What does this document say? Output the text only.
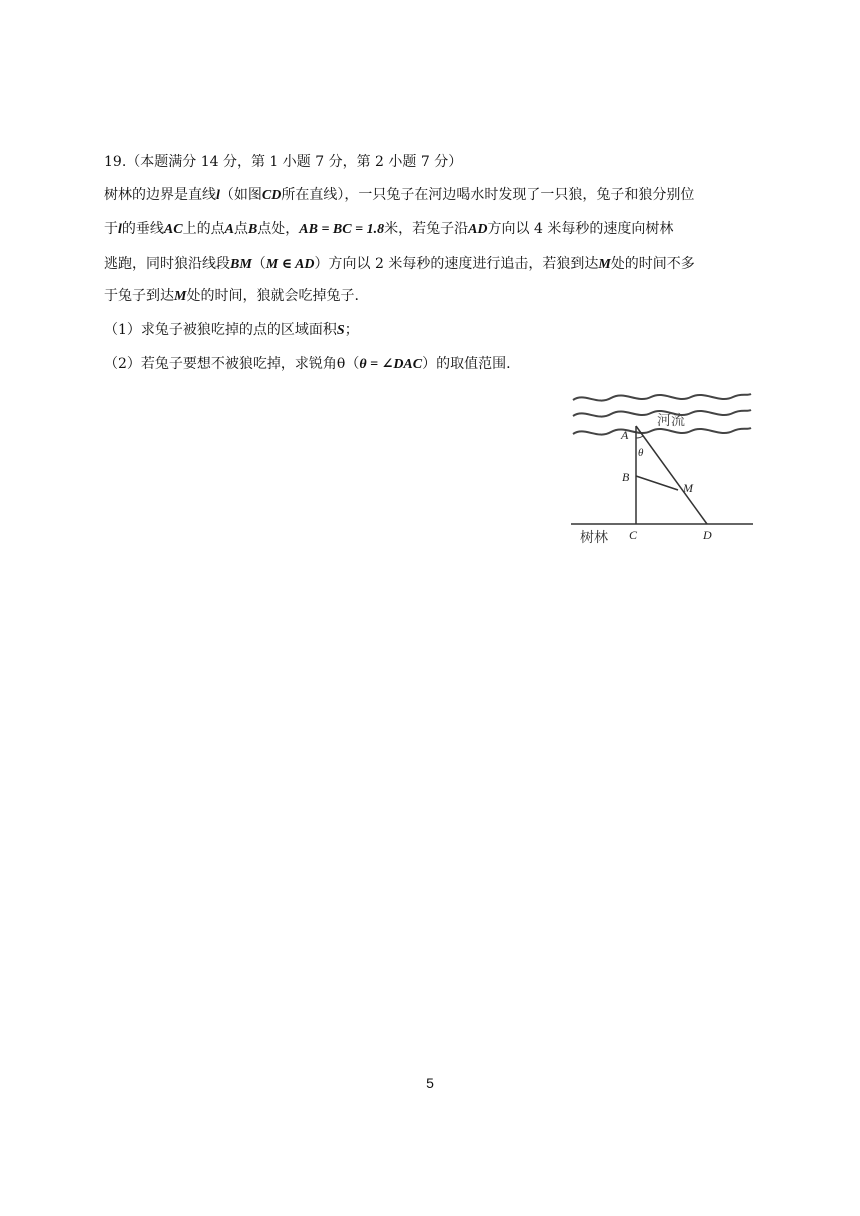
19.（本题满分 14 分，第 1 小题 7 分，第 2 小题 7 分）
树林的边界是直线l（如图CD所在直线），一只兔子在河边喝水时发现了一只狼，兔子和狼分别位
于l的垂线AC上的点A点B点处，AB = BC = 1.8米，若兔子沿AD方向以 4 米每秒的速度向树林
逃跑，同时狼沿线段BM（M ∈ AD）方向以 2 米每秒的速度进行追击，若狼到达M处的时间不多
于兔子到达M处的时间，狼就会吃掉兔子.
（1）求兔子被狼吃掉的点的区域面积S；
（2）若兔子要想不被狼吃掉，求锐角θ（θ = ∠DAC）的取值范围.
河流
A
θ
B
M
树林 C	D
5
